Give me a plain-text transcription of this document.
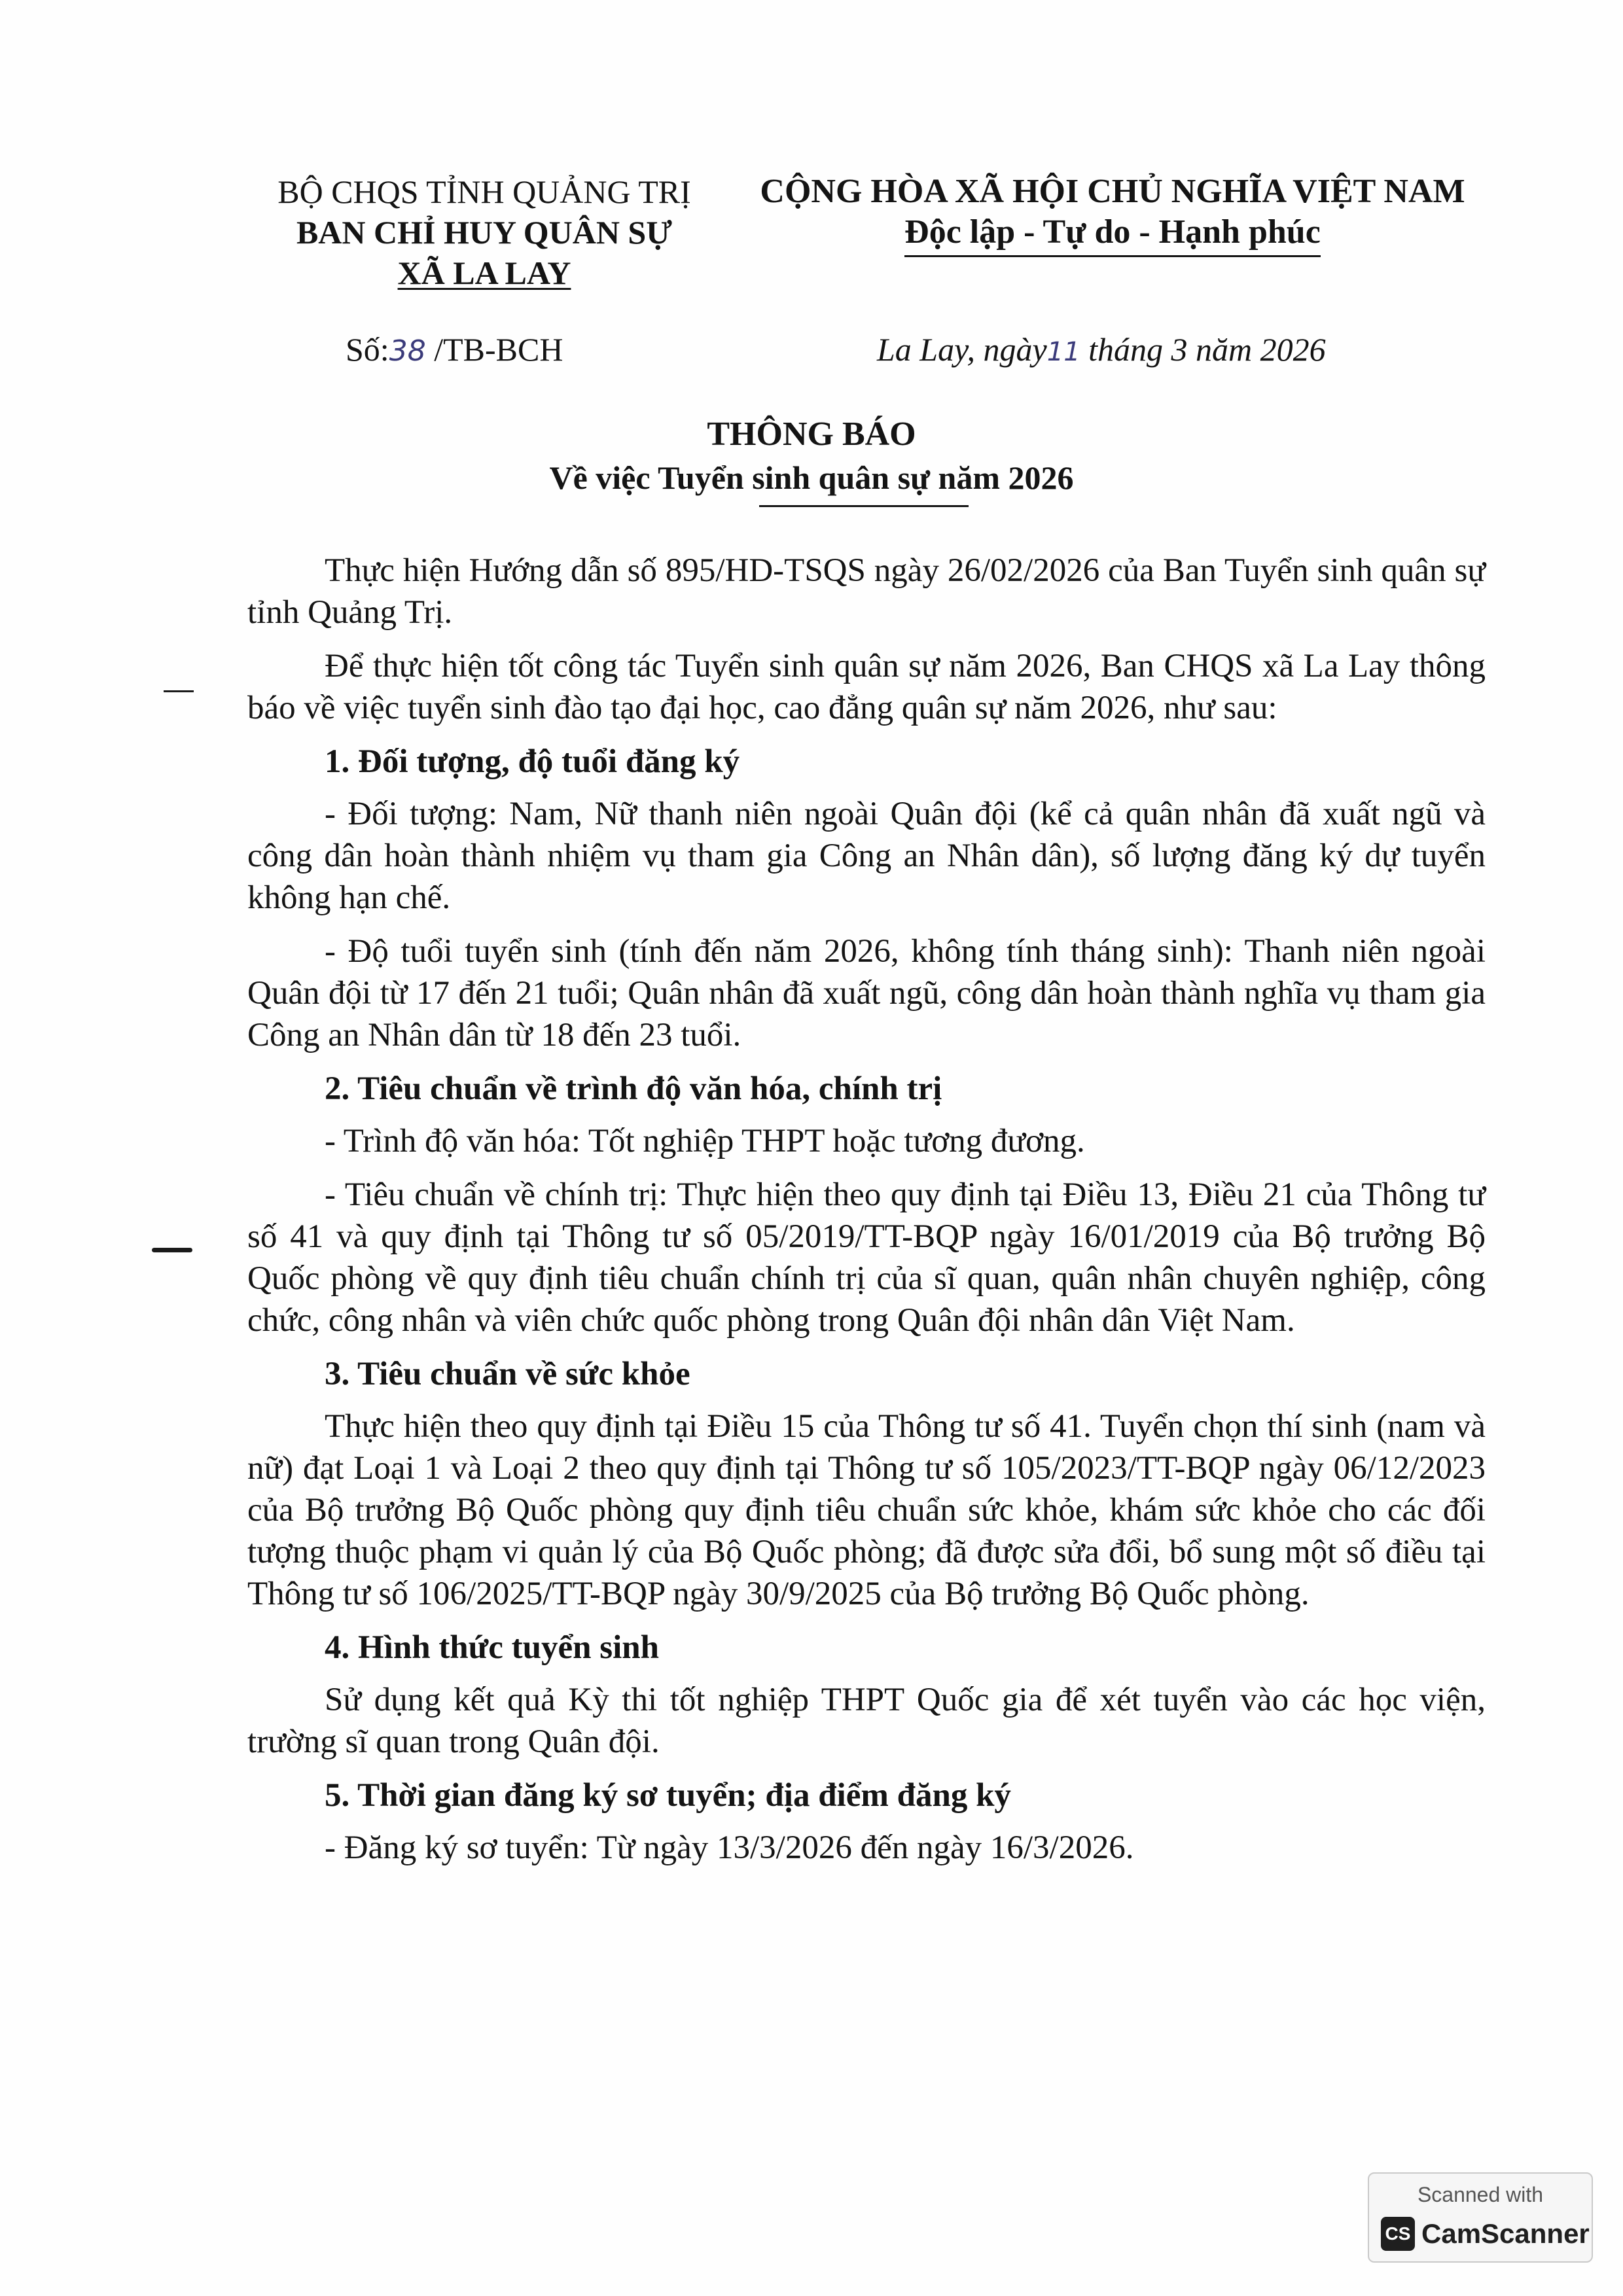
BỘ CHQS TỈNH QUẢNG TRỊ
BAN CHỈ HUY QUÂN SỰ
XÃ LA LAY
CỘNG HÒA XÃ HỘI CHỦ NGHĨA VIỆT NAM
Độc lập - Tự do - Hạnh phúc
Số:38 /TB-BCH	La Lay, ngày11 tháng 3 năm 2026
THÔNG BÁO
Về việc Tuyển sinh quân sự năm 2026

Thực hiện Hướng dẫn số 895/HD-TSQS ngày 26/02/2026 của Ban Tuyển sinh quân sự tỉnh Quảng Trị.

Để thực hiện tốt công tác Tuyển sinh quân sự năm 2026, Ban CHQS xã La Lay thông báo về việc tuyển sinh đào tạo đại học, cao đẳng quân sự năm 2026, như sau:

1. Đối tượng, độ tuổi đăng ký

- Đối tượng: Nam, Nữ thanh niên ngoài Quân đội (kể cả quân nhân đã xuất ngũ và công dân hoàn thành nhiệm vụ tham gia Công an Nhân dân), số lượng đăng ký dự tuyển không hạn chế.

- Độ tuổi tuyển sinh (tính đến năm 2026, không tính tháng sinh): Thanh niên ngoài Quân đội từ 17 đến 21 tuổi; Quân nhân đã xuất ngũ, công dân hoàn thành nghĩa vụ tham gia Công an Nhân dân từ 18 đến 23 tuổi.

2. Tiêu chuẩn về trình độ văn hóa, chính trị

- Trình độ văn hóa: Tốt nghiệp THPT hoặc tương đương.

- Tiêu chuẩn về chính trị: Thực hiện theo quy định tại Điều 13, Điều 21 của Thông tư số 41 và quy định tại Thông tư số 05/2019/TT-BQP ngày 16/01/2019 của Bộ trưởng Bộ Quốc phòng về quy định tiêu chuẩn chính trị của sĩ quan, quân nhân chuyên nghiệp, công chức, công nhân và viên chức quốc phòng trong Quân đội nhân dân Việt Nam.

3. Tiêu chuẩn về sức khỏe

Thực hiện theo quy định tại Điều 15 của Thông tư số 41. Tuyển chọn thí sinh (nam và nữ) đạt Loại 1 và Loại 2 theo quy định tại Thông tư số 105/2023/TT-BQP ngày 06/12/2023 của Bộ trưởng Bộ Quốc phòng quy định tiêu chuẩn sức khỏe, khám sức khỏe cho các đối tượng thuộc phạm vi quản lý của Bộ Quốc phòng; đã được sửa đổi, bổ sung một số điều tại Thông tư số 106/2025/TT-BQP ngày 30/9/2025 của Bộ trưởng Bộ Quốc phòng.

4. Hình thức tuyển sinh

Sử dụng kết quả Kỳ thi tốt nghiệp THPT Quốc gia để xét tuyển vào các học viện, trường sĩ quan trong Quân đội.

5. Thời gian đăng ký sơ tuyển; địa điểm đăng ký

- Đăng ký sơ tuyển: Từ ngày 13/3/2026 đến ngày 16/3/2026.

Scanned with
CS CamScanner
